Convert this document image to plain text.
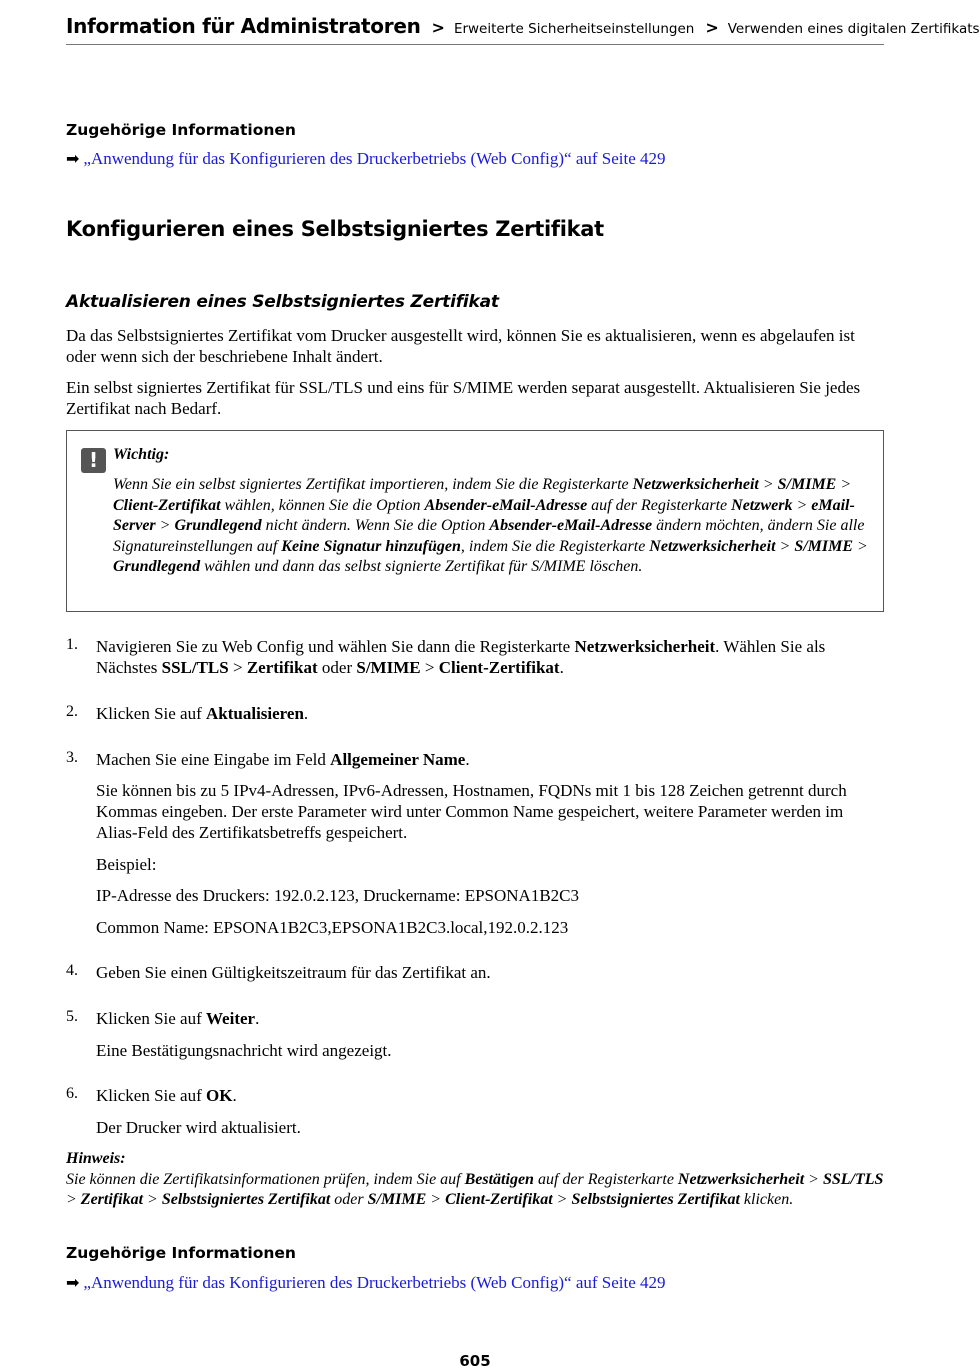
Information für Administratoren > Erweiterte Sicherheitseinstellungen > Verwenden eines digitalen Zertifikats
Zugehörige Informationen
➡ „Anwendung für das Konfigurieren des Druckerbetriebs (Web Config)“ auf Seite 429
Konfigurieren eines Selbstsigniertes Zertifikat
Aktualisieren eines Selbstsigniertes Zertifikat
Da das Selbstsigniertes Zertifikat vom Drucker ausgestellt wird, können Sie es aktualisieren, wenn es abgelaufen ist oder wenn sich der beschriebene Inhalt ändert.
Ein selbst signiertes Zertifikat für SSL/TLS und eins für S/MIME werden separat ausgestellt. Aktualisieren Sie jedes Zertifikat nach Bedarf.
! Wichtig:
Wenn Sie ein selbst signiertes Zertifikat importieren, indem Sie die Registerkarte Netzwerksicherheit > S/MIME > Client-Zertifikat wählen, können Sie die Option Absender-eMail-Adresse auf der Registerkarte Netzwerk > eMail-Server > Grundlegend nicht ändern. Wenn Sie die Option Absender-eMail-Adresse ändern möchten, ändern Sie alle Signatureinstellungen auf Keine Signatur hinzufügen, indem Sie die Registerkarte Netzwerksicherheit > S/MIME > Grundlegend wählen und dann das selbst signierte Zertifikat für S/MIME löschen.
1. Navigieren Sie zu Web Config und wählen Sie dann die Registerkarte Netzwerksicherheit. Wählen Sie als Nächstes SSL/TLS > Zertifikat oder S/MIME > Client-Zertifikat.
2. Klicken Sie auf Aktualisieren.
3. Machen Sie eine Eingabe im Feld Allgemeiner Name.
Sie können bis zu 5 IPv4-Adressen, IPv6-Adressen, Hostnamen, FQDNs mit 1 bis 128 Zeichen getrennt durch Kommas eingeben. Der erste Parameter wird unter Common Name gespeichert, weitere Parameter werden im Alias-Feld des Zertifikatsbetreffs gespeichert.
Beispiel:
IP-Adresse des Druckers: 192.0.2.123, Druckername: EPSONA1B2C3
Common Name: EPSONA1B2C3,EPSONA1B2C3.local,192.0.2.123
4. Geben Sie einen Gültigkeitszeitraum für das Zertifikat an.
5. Klicken Sie auf Weiter.
Eine Bestätigungsnachricht wird angezeigt.
6. Klicken Sie auf OK.
Der Drucker wird aktualisiert.
Hinweis:
Sie können die Zertifikatsinformationen prüfen, indem Sie auf Bestätigen auf der Registerkarte Netzwerksicherheit > SSL/TLS > Zertifikat > Selbstsigniertes Zertifikat oder S/MIME > Client-Zertifikat > Selbstsigniertes Zertifikat klicken.
Zugehörige Informationen
➡ „Anwendung für das Konfigurieren des Druckerbetriebs (Web Config)“ auf Seite 429
605
